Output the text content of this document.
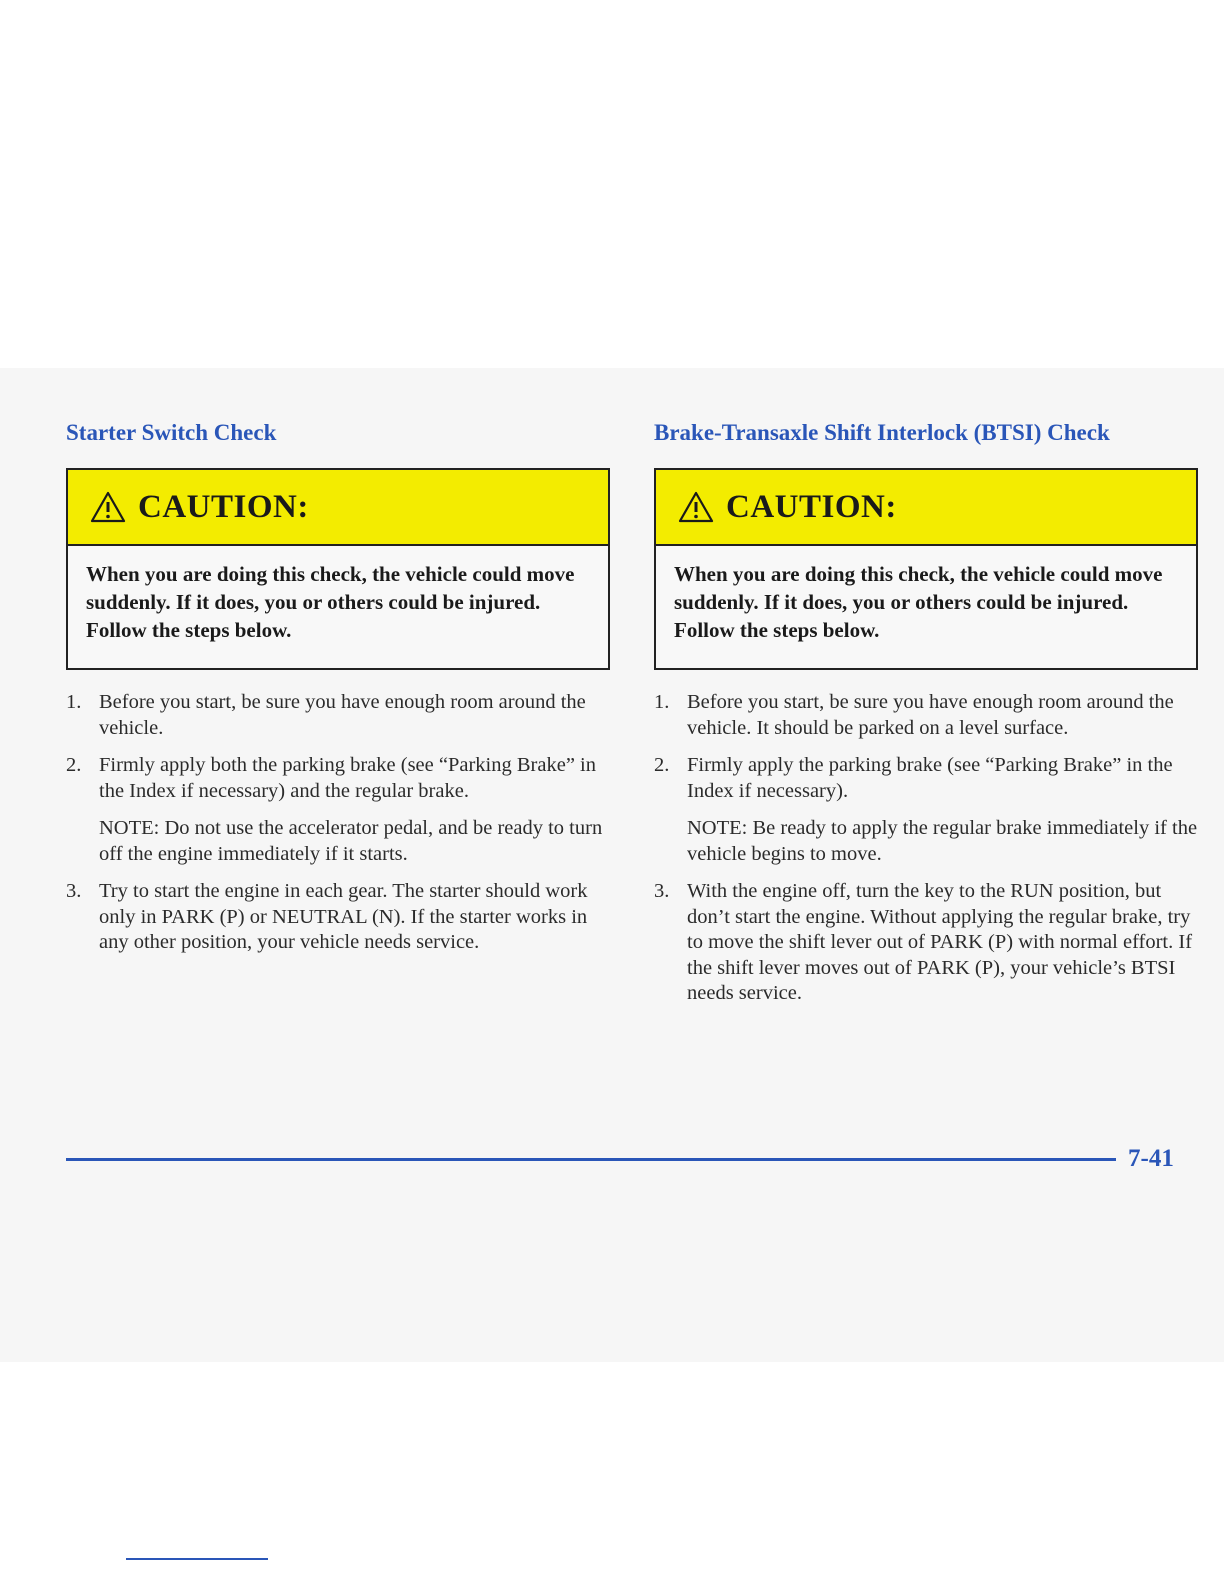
Starter Switch Check
CAUTION:
When you are doing this check, the vehicle could move suddenly. If it does, you or others could be injured. Follow the steps below.
1. Before you start, be sure you have enough room around the vehicle.
2. Firmly apply both the parking brake (see “Parking Brake” in the Index if necessary) and the regular brake.
NOTE: Do not use the accelerator pedal, and be ready to turn off the engine immediately if it starts.
3. Try to start the engine in each gear. The starter should work only in PARK (P) or NEUTRAL (N). If the starter works in any other position, your vehicle needs service.
Brake-Transaxle Shift Interlock (BTSI) Check
CAUTION:
When you are doing this check, the vehicle could move suddenly. If it does, you or others could be injured. Follow the steps below.
1. Before you start, be sure you have enough room around the vehicle. It should be parked on a level surface.
2. Firmly apply the parking brake (see “Parking Brake” in the Index if necessary).
NOTE: Be ready to apply the regular brake immediately if the vehicle begins to move.
3. With the engine off, turn the key to the RUN position, but don’t start the engine. Without applying the regular brake, try to move the shift lever out of PARK (P) with normal effort. If the shift lever moves out of PARK (P), your vehicle’s BTSI needs service.
7-41
